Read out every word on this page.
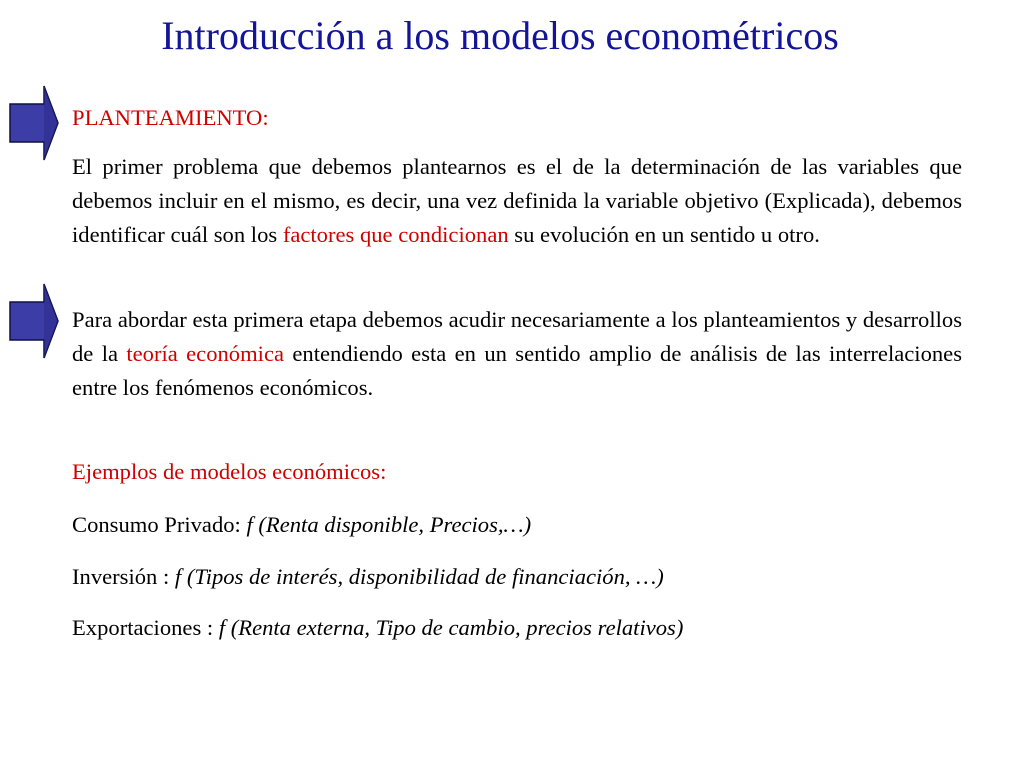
Introducción a los modelos econométricos
PLANTEAMIENTO:

El primer problema que debemos plantearnos es el de la determinación de las variables que debemos incluir en el mismo, es decir, una vez definida la variable objetivo (Explicada), debemos identificar cuál son los factores que condicionan su evolución en un sentido u otro.

Para abordar esta primera etapa debemos acudir necesariamente a los planteamientos y desarrollos de la teoría económica entendiendo esta en un sentido amplio de análisis de las interrelaciones entre los fenómenos económicos.

Ejemplos de modelos económicos:
Consumo Privado: f (Renta disponible, Precios,…)
Inversión : f (Tipos de interés, disponibilidad de financiación, …)
Exportaciones : f (Renta externa, Tipo de cambio, precios relativos)
